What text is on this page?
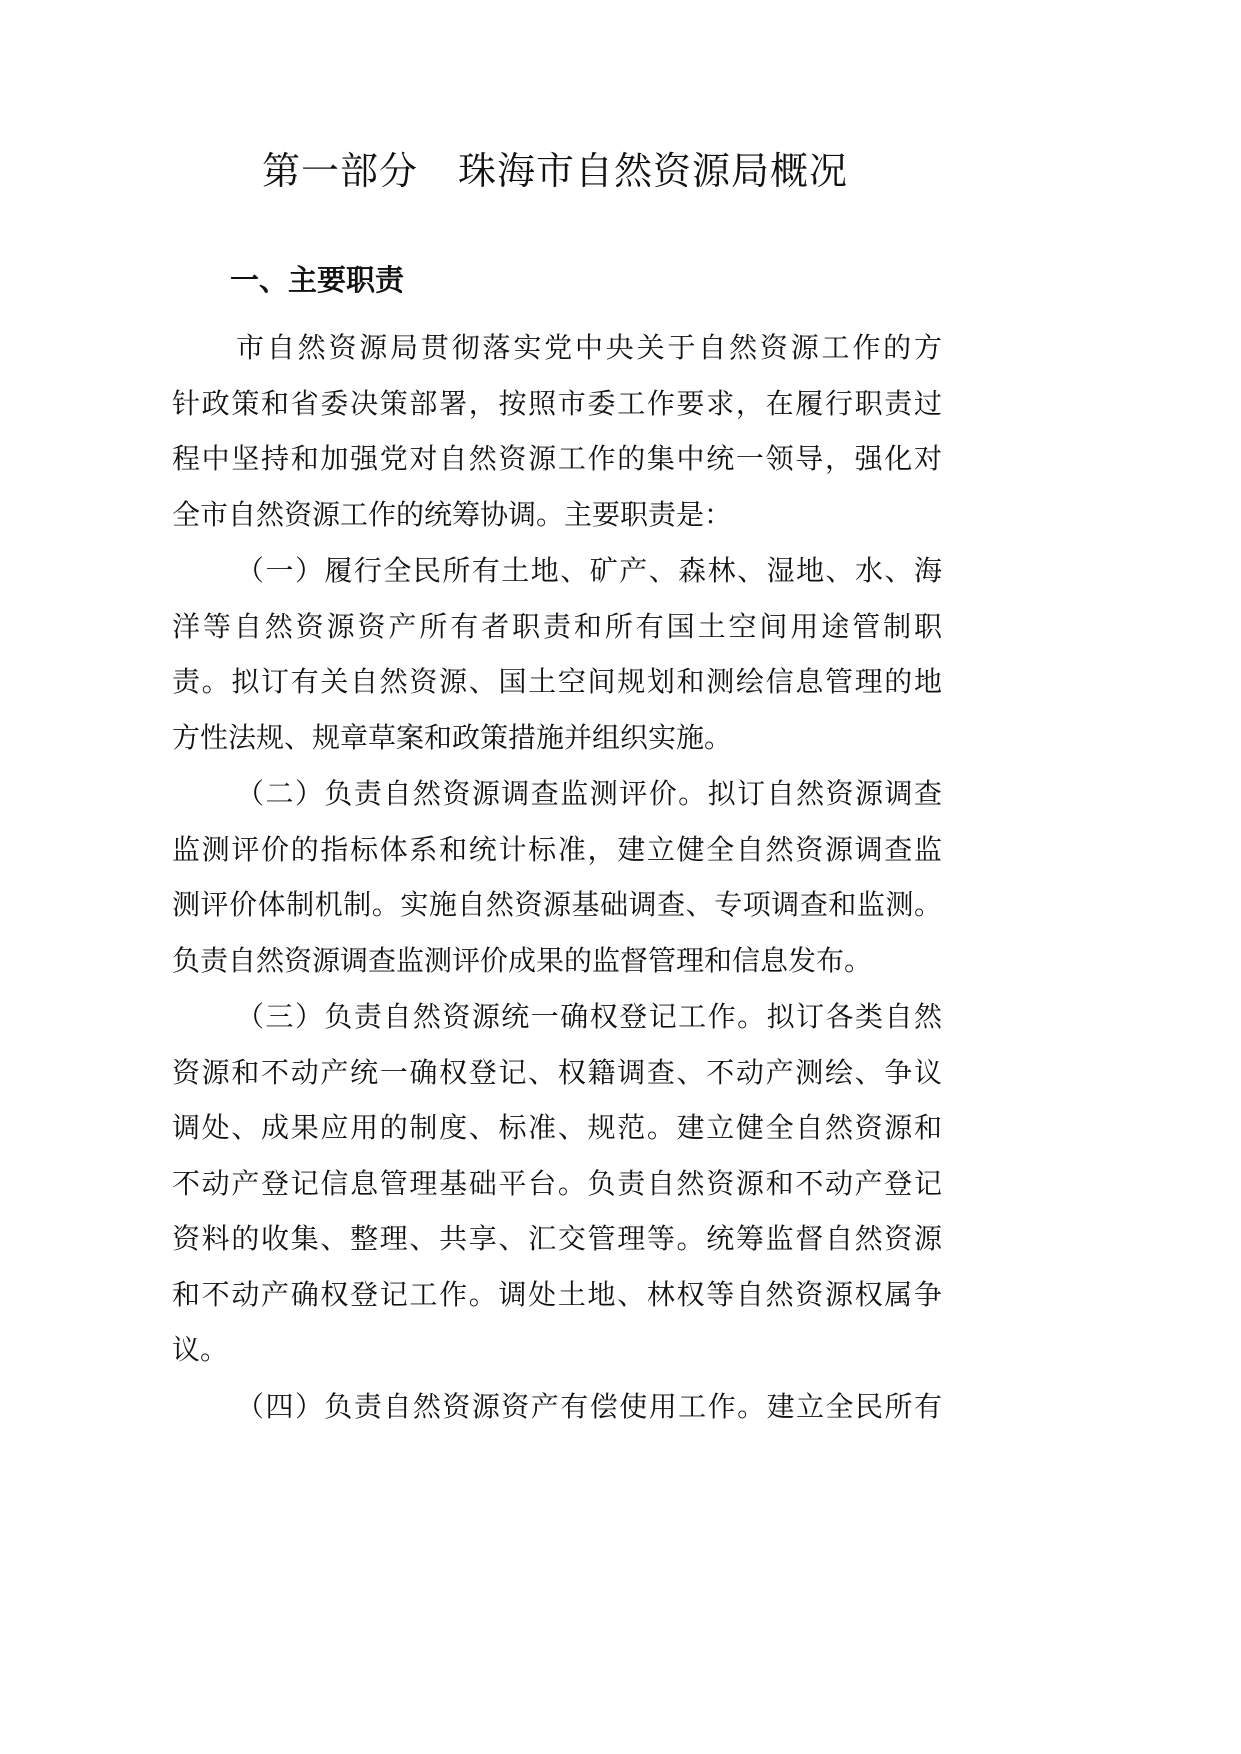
第一部分 珠海市自然资源局概况
一、主要职责
市自然资源局贯彻落实党中央关于自然资源工作的方
针政策和省委决策部署，按照市委工作要求，在履行职责过
程中坚持和加强党对自然资源工作的集中统一领导，强化对
全市自然资源工作的统筹协调。主要职责是：
（一）履行全民所有土地、矿产、森林、湿地、水、海
洋等自然资源资产所有者职责和所有国土空间用途管制职
责。拟订有关自然资源、国土空间规划和测绘信息管理的地
方性法规、规章草案和政策措施并组织实施。
（二）负责自然资源调查监测评价。拟订自然资源调查
监测评价的指标体系和统计标准，建立健全自然资源调查监
测评价体制机制。实施自然资源基础调查、专项调查和监测。
负责自然资源调查监测评价成果的监督管理和信息发布。
（三）负责自然资源统一确权登记工作。拟订各类自然
资源和不动产统一确权登记、权籍调查、不动产测绘、争议
调处、成果应用的制度、标准、规范。建立健全自然资源和
不动产登记信息管理基础平台。负责自然资源和不动产登记
资料的收集、整理、共享、汇交管理等。统筹监督自然资源
和不动产确权登记工作。调处土地、林权等自然资源权属争
议。
（四）负责自然资源资产有偿使用工作。建立全民所有
